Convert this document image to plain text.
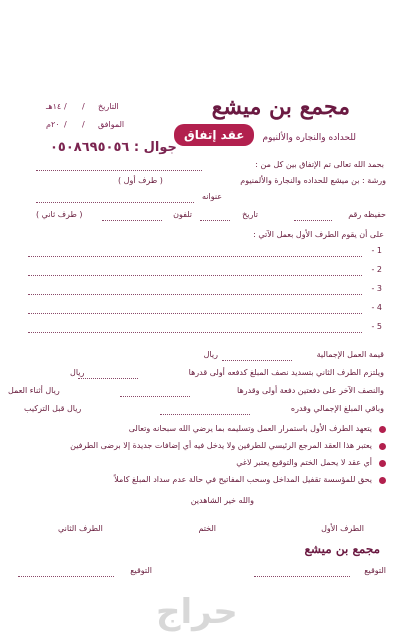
مجمع بن ميشع
للحداده والنجاره والألنيوم
التاريخ
/
/
١٤هـ
الموافق
/
/
٢٠م
عقد إتفاق
جوال : ٠٥٠٨٦٩٥٠٥٦
بحمد الله تعالى تم الإتفاق بين كل من :
ورشة : بن ميشع للحداده والنجارة والألمنيوم
( طرف أول )
عنوانه
حفيظه رقم
تاريخ
تلفون
( طرف ثاني )
على أن يقوم الطرف الأول بعمل الآتي :
1 -
2 -
3 -
4 -
5 -
قيمة العمل الإجمالية
ريال
ويلتزم الطرف الثاني بتسديد نصف المبلغ كدفعه أولى قدرها
ريال
والنصف الآخر على دفعتين دفعة أولى وقدرها
ريال أثناء العمل
وباقي المبلغ الإجمالي وقدره
ريال قبل التركيب
يتعهد الطرف الأول باستمرار العمل وتسليمه بما يرضي الله سبحانه وتعالى
يعتبر هذا العقد المرجع الرئيسي للطرفين ولا يدخل فيه أي إضافات جديدة إلا برضى الطرفين
أي عقد لا يحمل الختم والتوقيع يعتبر لاغي
يحق للمؤسسة تقفيل المداخل وسحب المفاتيح في حالة عدم سداد المبلغ كاملاً
والله خير الشاهدين
الطرف الأول
الختم
الطرف الثاني
مجمع بن ميشع
التوقيع
التوقيع
حراج
